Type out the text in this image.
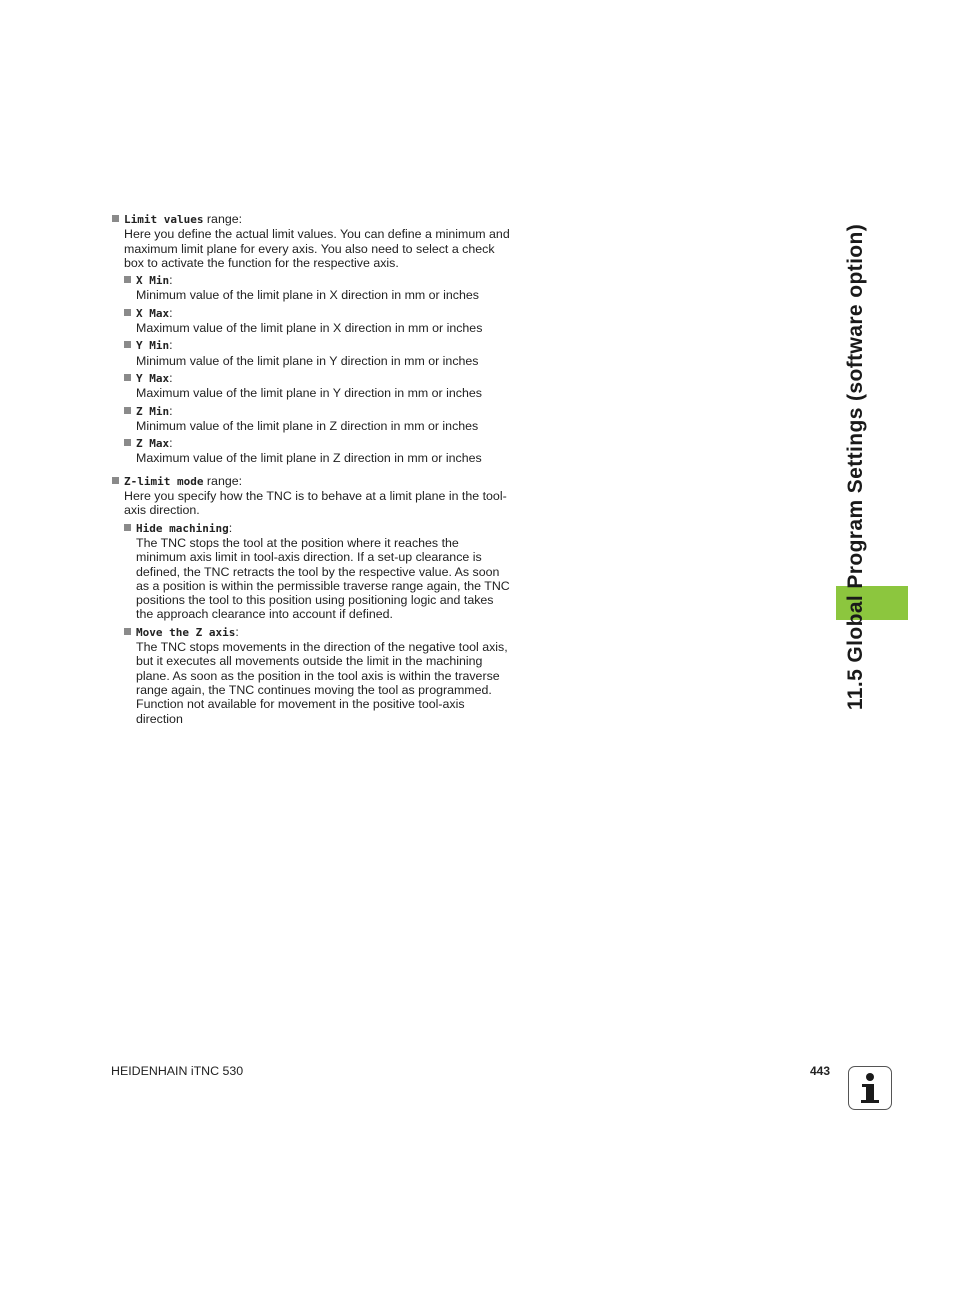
Limit values range:
Here you define the actual limit values. You can define a minimum and maximum limit plane for every axis. You also need to select a check box to activate the function for the respective axis.
X Min:
Minimum value of the limit plane in X direction in mm or inches
X Max:
Maximum value of the limit plane in X direction in mm or inches
Y Min:
Minimum value of the limit plane in Y direction in mm or inches
Y Max:
Maximum value of the limit plane in Y direction in mm or inches
Z Min:
Minimum value of the limit plane in Z direction in mm or inches
Z Max:
Maximum value of the limit plane in Z direction in mm or inches
Z-limit mode range:
Here you specify how the TNC is to behave at a limit plane in the tool-axis direction.
Hide machining:
The TNC stops the tool at the position where it reaches the minimum axis limit in tool-axis direction. If a set-up clearance is defined, the TNC retracts the tool by the respective value. As soon as a position is within the permissible traverse range again, the TNC positions the tool to this position using positioning logic and takes the approach clearance into account if defined.
Move the Z axis:
The TNC stops movements in the direction of the negative tool axis, but it executes all movements outside the limit in the machining plane. As soon as the position in the tool axis is within the traverse range again, the TNC continues moving the tool as programmed. Function not available for movement in the positive tool-axis direction
11.5 Global Program Settings (software option)
HEIDENHAIN iTNC 530	443
